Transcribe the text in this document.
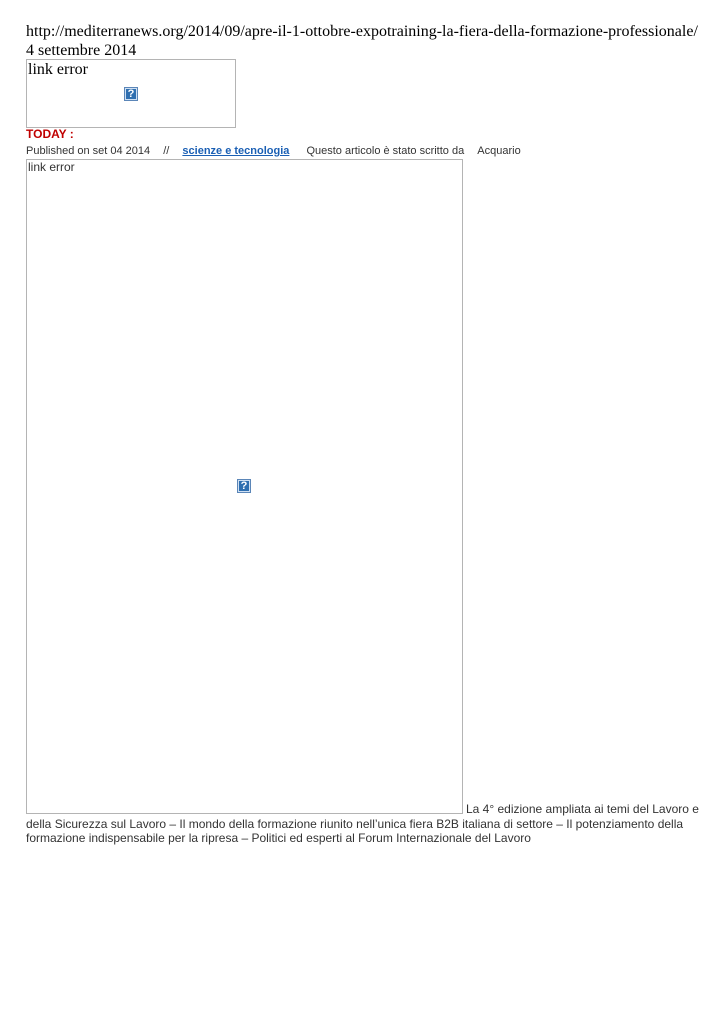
http://mediterranews.org/2014/09/apre-il-1-ottobre-expotraining-la-fiera-della-formazione-professionale/
4 settembre 2014
link error
?
TODAY :
Published on set 04 2014 // scienze e tecnologia Questo articolo è stato scritto da Acquario
link error
?
La 4° edizione ampliata ai temi del Lavoro e
della Sicurezza sul Lavoro – Il mondo della formazione riunito nell’unica fiera B2B italiana di settore – Il potenziamento della formazione indispensabile per la ripresa – Politici ed esperti al Forum Internazionale del Lavoro
